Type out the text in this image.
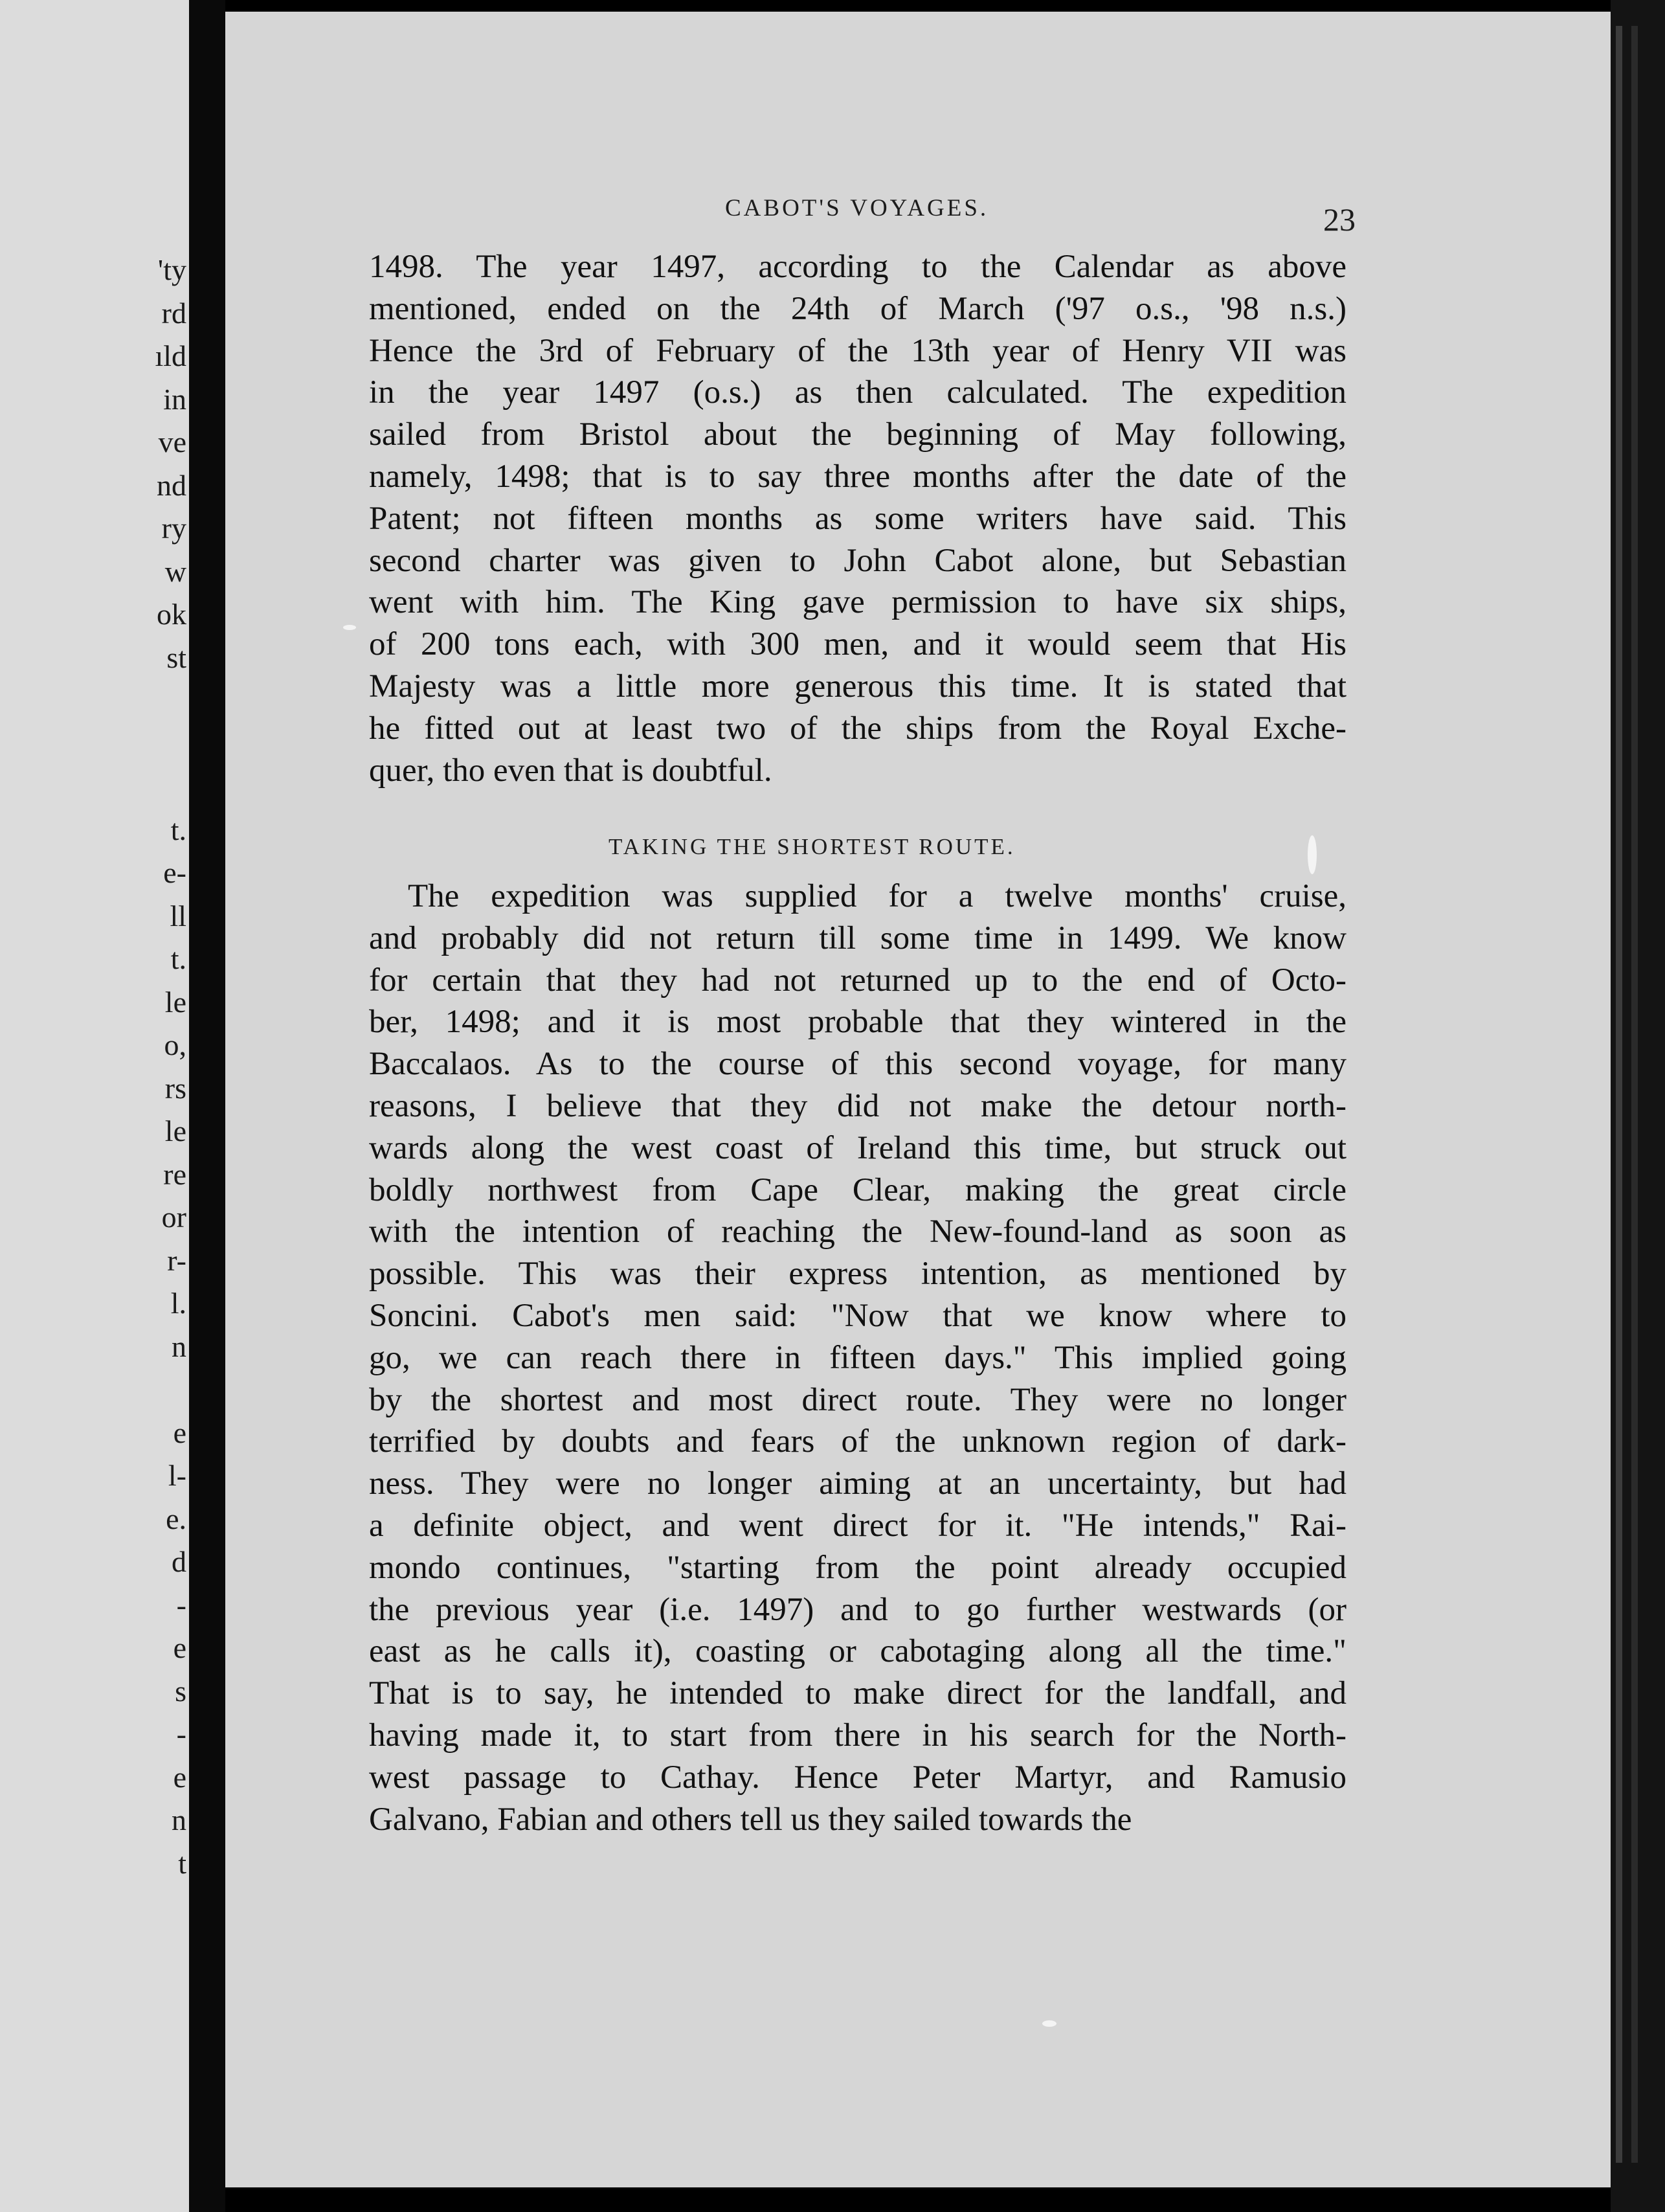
'ty
rd
ıld
in
ve
nd
ry
w
ok
st
t.
e-
ll
t.
le
o,
rs
le
re
or
r-
l.
n
e
l-
e.
d
-
e
s
-
e
n
t
CABOT'S VOYAGES.	23
1498. The year 1497, according to the Calendar as above
mentioned, ended on the 24th of March ('97 o.s., '98 n.s.)
Hence the 3rd of February of the 13th year of Henry VII was
in the year 1497 (o.s.) as then calculated. The expedition
sailed from Bristol about the beginning of May following,
namely, 1498; that is to say three months after the date of the
Patent; not fifteen months as some writers have said. This
second charter was given to John Cabot alone, but Sebastian
went with him. The King gave permission to have six ships,
of 200 tons each, with 300 men, and it would seem that His
Majesty was a little more generous this time. It is stated that
he fitted out at least two of the ships from the Royal Exche-
quer, tho even that is doubtful.
TAKING THE SHORTEST ROUTE.
The expedition was supplied for a twelve months' cruise,
and probably did not return till some time in 1499. We know
for certain that they had not returned up to the end of Octo-
ber, 1498; and it is most probable that they wintered in the
Baccalaos. As to the course of this second voyage, for many
reasons, I believe that they did not make the detour north-
wards along the west coast of Ireland this time, but struck out
boldly northwest from Cape Clear, making the great circle
with the intention of reaching the New-found-land as soon as
possible. This was their express intention, as mentioned by
Soncini. Cabot's men said: "Now that we know where to
go, we can reach there in fifteen days." This implied going
by the shortest and most direct route. They were no longer
terrified by doubts and fears of the unknown region of dark-
ness. They were no longer aiming at an uncertainty, but had
a definite object, and went direct for it. "He intends," Rai-
mondo continues, "starting from the point already occupied
the previous year (i.e. 1497) and to go further westwards (or
east as he calls it), coasting or cabotaging along all the time."
That is to say, he intended to make direct for the landfall, and
having made it, to start from there in his search for the North-
west passage to Cathay. Hence Peter Martyr, and Ramusio
Galvano, Fabian and others tell us they sailed towards the
